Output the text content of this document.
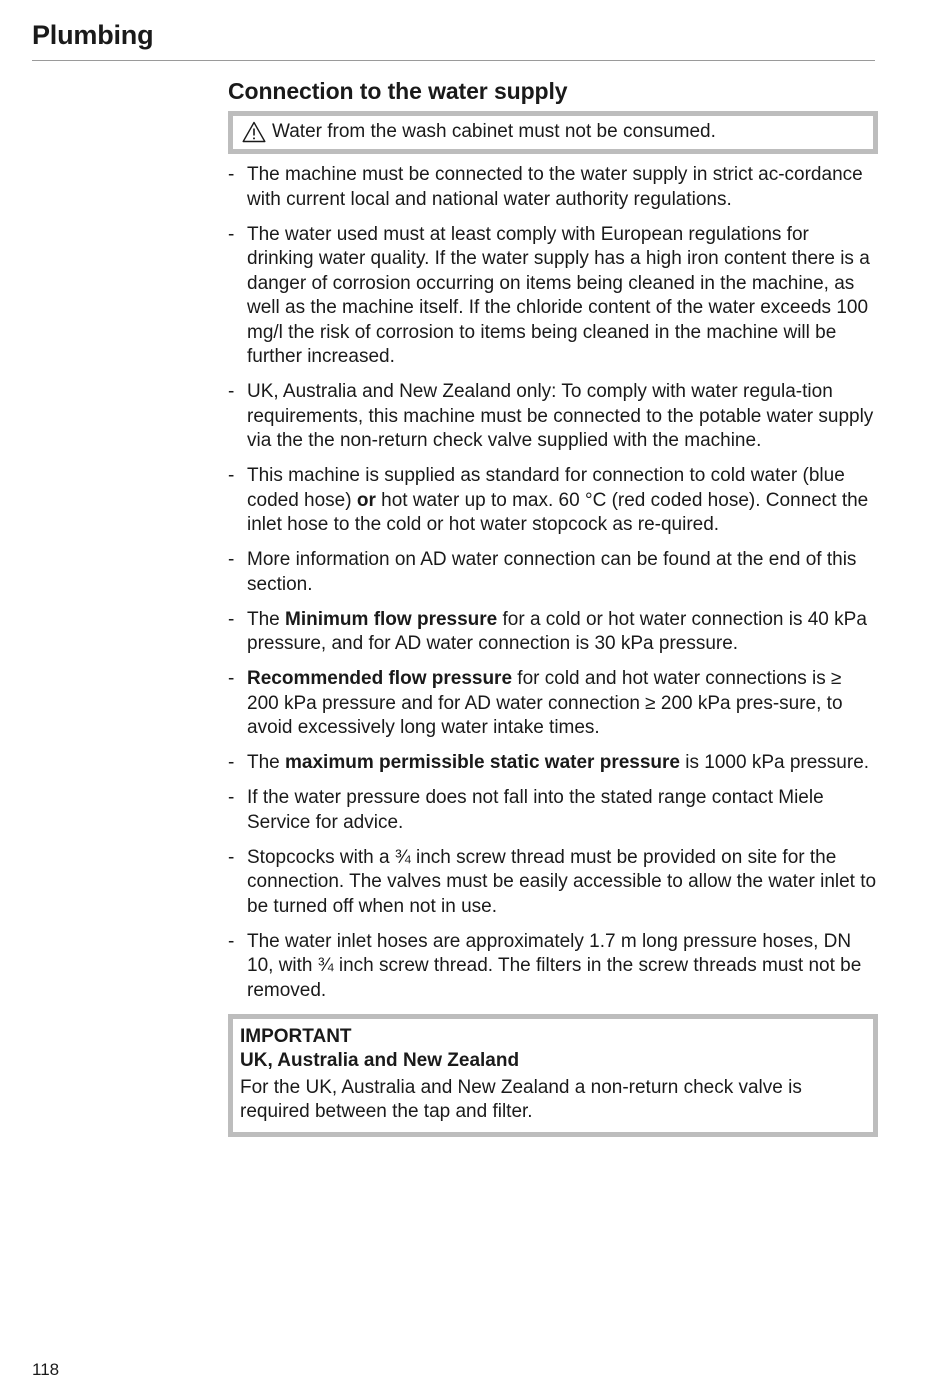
Plumbing
Connection to the water supply
Water from the wash cabinet must not be consumed.
- The machine must be connected to the water supply in strict ac-cordance with current local and national water authority regulations.
- The water used must at least comply with European regulations for drinking water quality. If the water supply has a high iron content there is a danger of corrosion occurring on items being cleaned in the machine, as well as the machine itself. If the chloride content of the water exceeds 100 mg/l the risk of corrosion to items being cleaned in the machine will be further increased.
- UK, Australia and New Zealand only: To comply with water regula-tion requirements, this machine must be connected to the potable water supply via the the non-return check valve supplied with the machine.
- This machine is supplied as standard for connection to cold water (blue coded hose) or hot water up to max. 60 °C (red coded hose). Connect the inlet hose to the cold or hot water stopcock as re-quired.
- More information on AD water connection can be found at the end of this section.
- The Minimum flow pressure for a cold or hot water connection is 40 kPa pressure, and for AD water connection is 30 kPa pressure.
- Recommended flow pressure for cold and hot water connections is ≥ 200 kPa pressure and for AD water connection ≥ 200 kPa pres-sure, to avoid excessively long water intake times.
- The maximum permissible static water pressure is 1000 kPa pressure.
- If the water pressure does not fall into the stated range contact Miele Service for advice.
- Stopcocks with a ¾ inch screw thread must be provided on site for the connection. The valves must be easily accessible to allow the water inlet to be turned off when not in use.
- The water inlet hoses are approximately 1.7 m long pressure hoses, DN 10, with ¾ inch screw thread. The filters in the screw threads must not be removed.
IMPORTANT
UK, Australia and New Zealand
For the UK, Australia and New Zealand a non-return check valve is required between the tap and filter.
118
